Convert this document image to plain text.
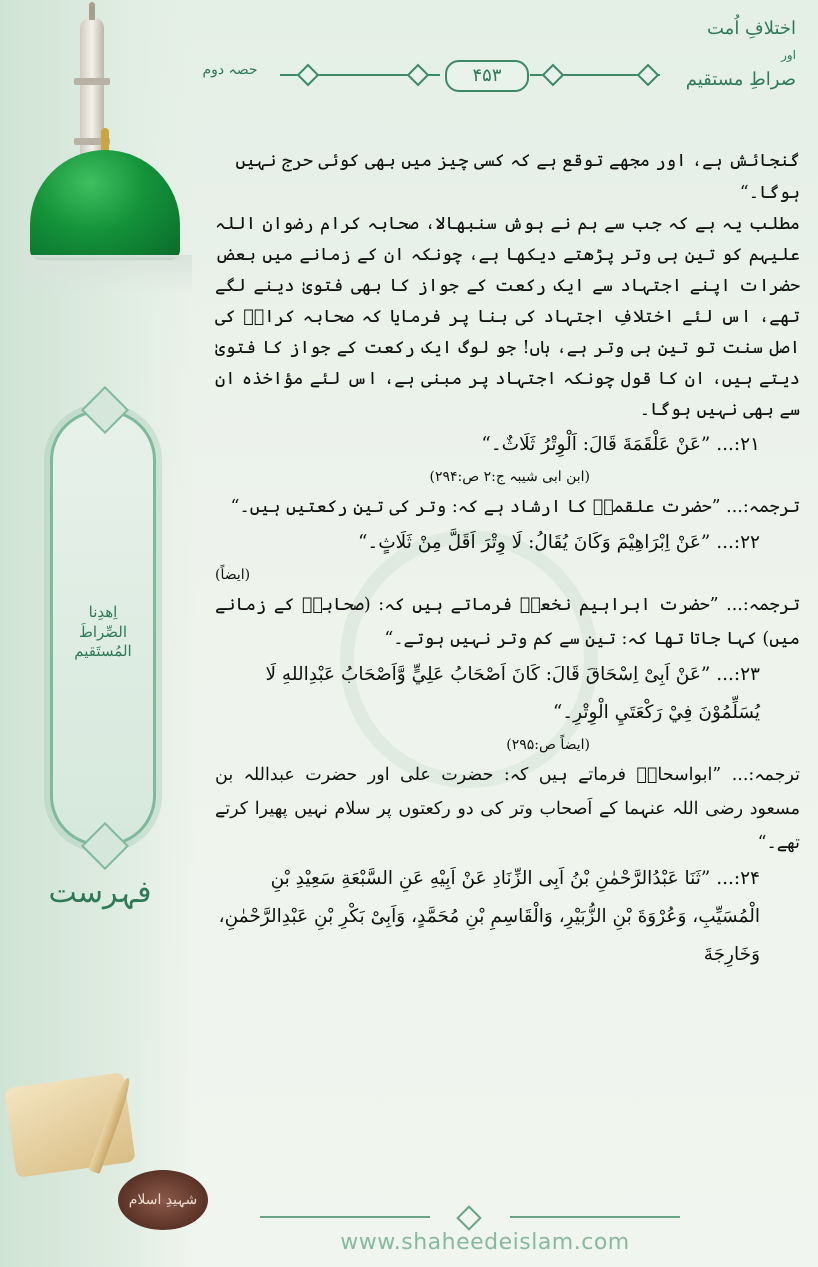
اِھدِنا الصِّراطَ المُستَقیم
فہرست
شہیدِ اسلام
اختلافِ اُمت
اور
صراطِ مستقیم
حصہ دوم	۴۵۳

گنجائش ہے، اور مجھے توقع ہے کہ کسی چیز میں بھی کوئی حرج نہیں ہوگا۔“

مطلب یہ ہے کہ جب سے ہم نے ہوش سنبھالا، صحابہ کرام رضوان اللہ علیہم کو تین ہی وتر پڑھتے دیکھا ہے، چونکہ ان کے زمانے میں بعض حضرات اپنے اجتہاد سے ایک رکعت کے جواز کا بھی فتویٰ دینے لگے تھے، اس لئے اختلافِ اجتہاد کی بنا پر فرمایا کہ صحابہ کرامؓ کی اصل سنت تو تین ہی وتر ہے، ہاں! جو لوگ ایک رکعت کے جواز کا فتویٰ دیتے ہیں، ان کا قول چونکہ اجتہاد پر مبنی ہے، اس لئے مؤاخذہ ان سے بھی نہیں ہوگا۔

۲۱:... ”عَنْ عَلْقَمَةَ قَالَ: اَلْوِتْرُ ثَلَاثٌ۔“

(ابن ابی شیبہ ج:۲ ص:۲۹۴)

ترجمہ:... ”حضرت علقمہؒ کا ارشاد ہے کہ: وتر کی تین رکعتیں ہیں۔“

۲۲:... ”عَنْ اِبْرَاهِيْمَ وَكَانَ يُقَالُ: لَا وِتْرَ اَقَلَّ مِنْ ثَلَاثٍ۔“

(ایضاً)

ترجمہ:... ”حضرت ابراہیم نخعیؒ فرماتے ہیں کہ: (صحابہؓ کے زمانے میں) کہا جاتا تھا کہ: تین سے کم وتر نہیں ہوتے۔“

۲۳:... ”عَنْ اَبِیْ اِسْحَاقَ قَالَ: كَانَ اَصْحَابُ عَلِيٍّ وَّاَصْحَابُ عَبْدِاللهِ لَا يُسَلِّمُوْنَ فِيْ رَكْعَتَيِ الْوِتْرِ۔“

(ایضاً ص:۲۹۵)

ترجمہ:... ”ابواسحاقؒ فرماتے ہیں کہ: حضرت علی اور حضرت عبداللہ بن مسعود رضی اللہ عنہما کے اَصحاب وتر کی دو رکعتوں پر سلام نہیں پھیرا کرتے تھے۔“

۲۴:... ”ثَنَا عَبْدُالرَّحْمٰنِ بْنُ اَبِی الزِّنَادِ عَنْ اَبِيْهِ عَنِ السَّبْعَةِ سَعِيْدِ بْنِ الْمُسَيِّبِ، وَعُرْوَةَ بْنِ الزُّبَيْرِ، وَالْقَاسِمِ بْنِ مُحَمَّدٍ، وَاَبِیْ بَكْرِ بْنِ عَبْدِالرَّحْمٰنِ، وَخَارِجَةَ

www.shaheedeislam.com
